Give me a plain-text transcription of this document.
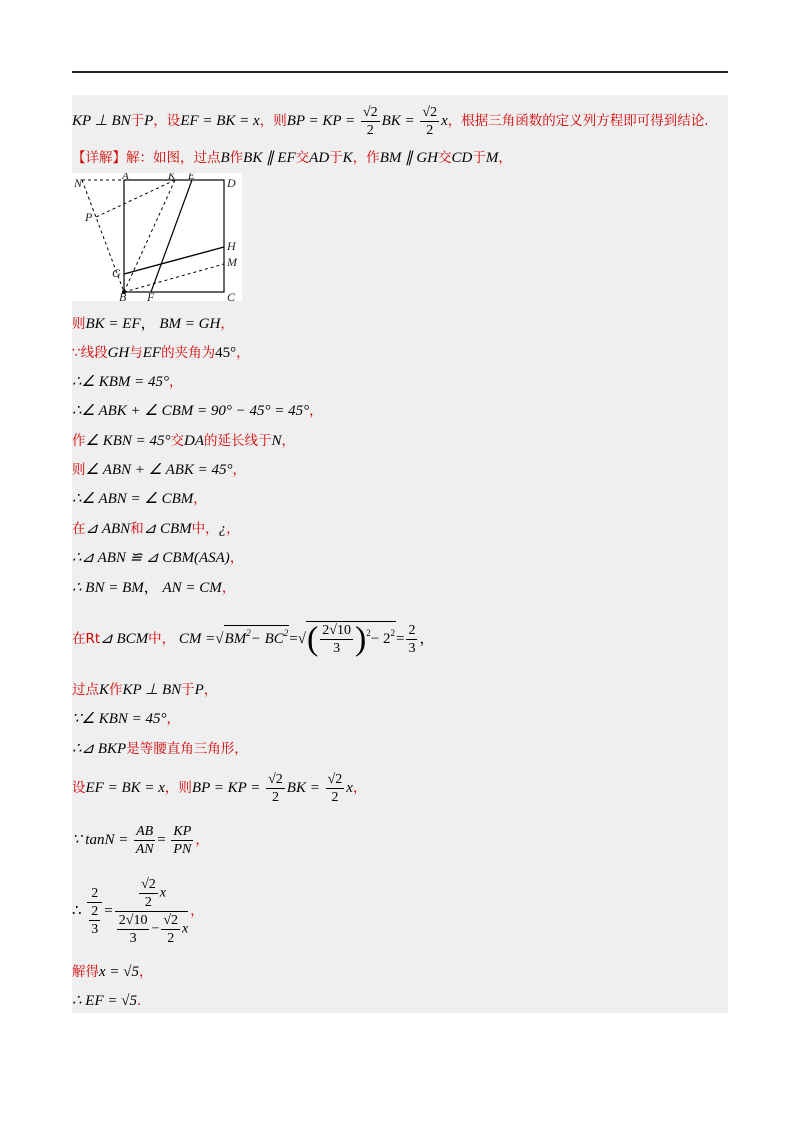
KP ⊥ BN于P，设EF = BK = x，则BP = KP = $\frac{√2}{2}$ BK = $\frac{√2}{2}$ x，根据三角函数的定义列方程即可得到结论.
【详解】解：如图，过点B作BK ∥ EF交AD于K，作BM ∥ GH交CD于M，
N	A	K E	D
P
H
M
G
B F	C
则BK = EF， BM = GH，
∵线段GH与EF的夹角为45°，
∴∠ KBM = 45°，
∴∠ ABK + ∠ CBM = 90° − 45° = 45°，
作∠ KBN = 45°交DA的延长线于N，
则∠ ABN + ∠ ABK = 45°，
∴∠ ABN = ∠ CBM，
在⊿ ABN和⊿ CBM中，¿，
∴⊿ ABN ≌ ⊿ CBM(ASA)，
∴ BN = BM， AN = CM，
在Rt⊿ BCM中， CM $=√BM^2- BC^2=√( \frac{2√10}{3} )^2- 2^2= \frac{2}{3}$ ，
过点K作KP ⊥ BN于P，
∵∠ KBN = 45°，
∴⊿ BKP是等腰直角三角形，
设EF = BK = x，则BP = KP = $\frac{√2}{2}$ BK = $\frac{√2}{2}$ x，
∵ $\tan N = \frac{AB}{AN} = \frac{KP}{PN}$ ，
∴ $\frac{2}{\frac{2}{3}} = \frac{\frac{√2}{2} x}{\frac{2√10}{3} - \frac{√2}{2} x}$ ，
解得x = √5，
∴ EF = √5.
